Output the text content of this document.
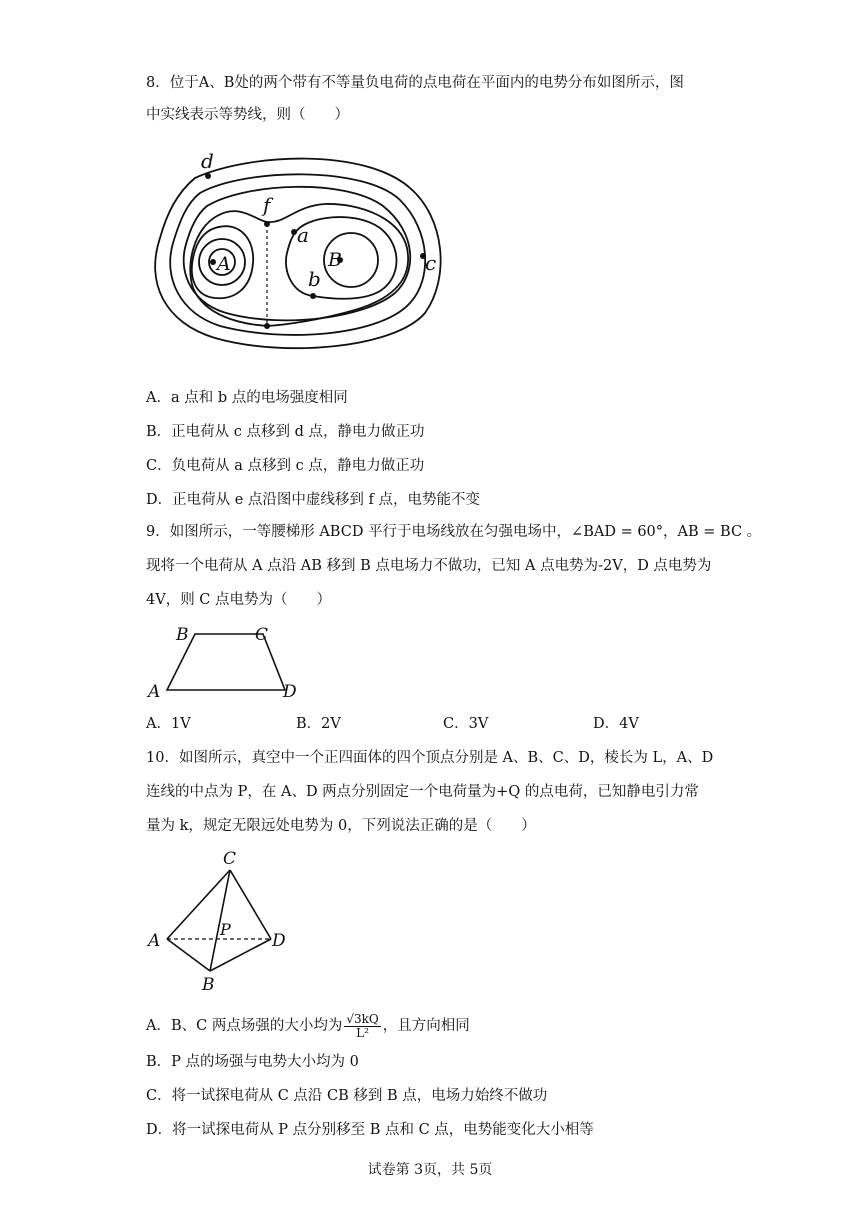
8．位于A、B处的两个带有不等量负电荷的点电荷在平面内的电势分布如图所示，图
中实线表示等势线，则（　　）
d
f
a
A	B
b
c
A．a 点和 b 点的电场强度相同
B．正电荷从 c 点移到 d 点，静电力做正功
C．负电荷从 a 点移到 c 点，静电力做正功
D．正电荷从 e 点沿图中虚线移到 f 点，电势能不变
9．如图所示，一等腰梯形 ABCD 平行于电场线放在匀强电场中，∠BAD = 60°，AB = BC 。
现将一个电荷从 A 点沿 AB 移到 B 点电场力不做功，已知 A 点电势为-2V，D 点电势为
4V，则 C 点电势为（　　）
B	C
A	D
A．1V	B．2V	C．3V	D．4V
10．如图所示，真空中一个正四面体的四个顶点分别是 A、B、C、D，棱长为 L，A、D
连线的中点为 P，在 A、D 两点分别固定一个电荷量为+Q 的点电荷，已知静电引力常
量为 k，规定无限远处电势为 0，下列说法正确的是（　　）
C
P
A	D
B
A．B、C 两点场强的大小均为 $\frac{√3kQ}{\text{L²}}$ ，且方向相同
B．P 点的场强与电势大小均为 0
C．将一试探电荷从 C 点沿 CB 移到 B 点，电场力始终不做功
D．将一试探电荷从 P 点分别移至 B 点和 C 点，电势能变化大小相等
试卷第 3页，共 5页
